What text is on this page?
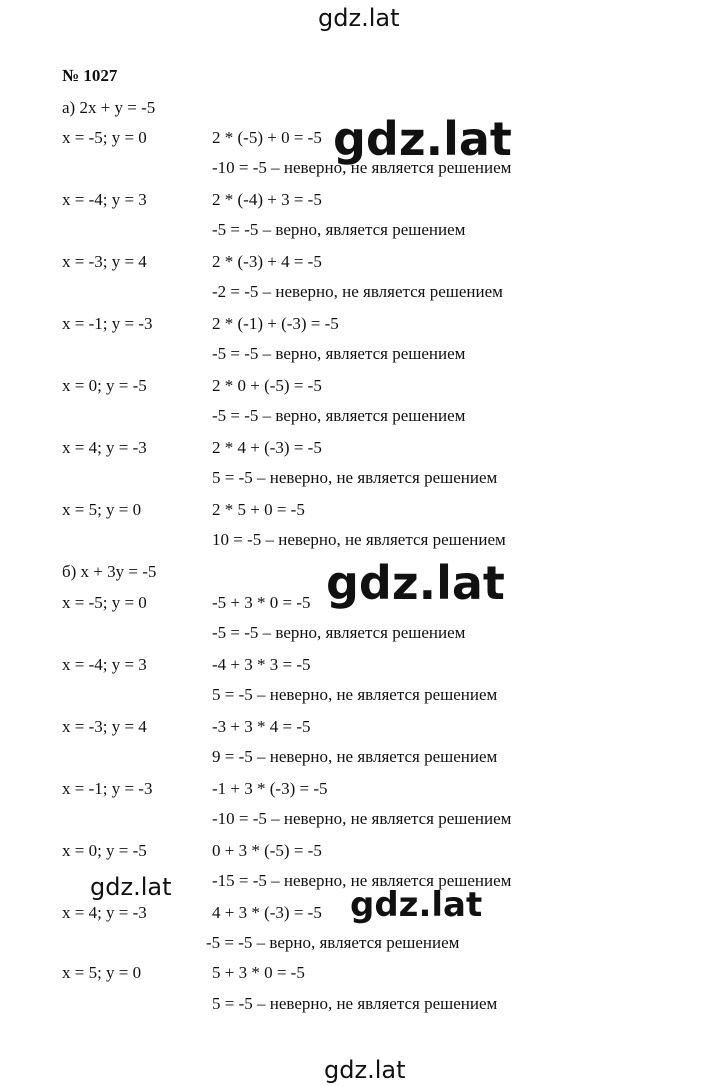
gdz.lat
№ 1027
а) 2x + y = -5
x = -5; y = 0	2 * (-5) + 0 = -5
-10 = -5 – неверно, не является решением
x = -4; y = 3	2 * (-4) + 3 = -5
-5 = -5 – верно, является решением
x = -3; y = 4	2 * (-3) + 4 = -5
-2 = -5 – неверно, не является решением
x = -1; y = -3	2 * (-1) + (-3) = -5
-5 = -5 – верно, является решением
x = 0; y = -5	2 * 0 + (-5) = -5
-5 = -5 – верно, является решением
x = 4; y = -3	2 * 4 + (-3) = -5
5 = -5 – неверно, не является решением
x = 5; y = 0	2 * 5 + 0 = -5
10 = -5 – неверно, не является решением
б) x + 3y = -5
x = -5; y = 0	-5 + 3 * 0 = -5
-5 = -5 – верно, является решением
x = -4; y = 3	-4 + 3 * 3 = -5
5 = -5 – неверно, не является решением
x = -3; y = 4	-3 + 3 * 4 = -5
9 = -5 – неверно, не является решением
x = -1; y = -3	-1 + 3 * (-3) = -5
-10 = -5 – неверно, не является решением
x = 0; y = -5	0 + 3 * (-5) = -5
-15 = -5 – неверно, не является решением
x = 4; y = -3	4 + 3 * (-3) = -5
-5 = -5 – верно, является решением
x = 5; y = 0	5 + 3 * 0 = -5
5 = -5 – неверно, не является решением
gdz.lat
gdz.lat
gdz.lat	gdz.lat
gdz.lat
